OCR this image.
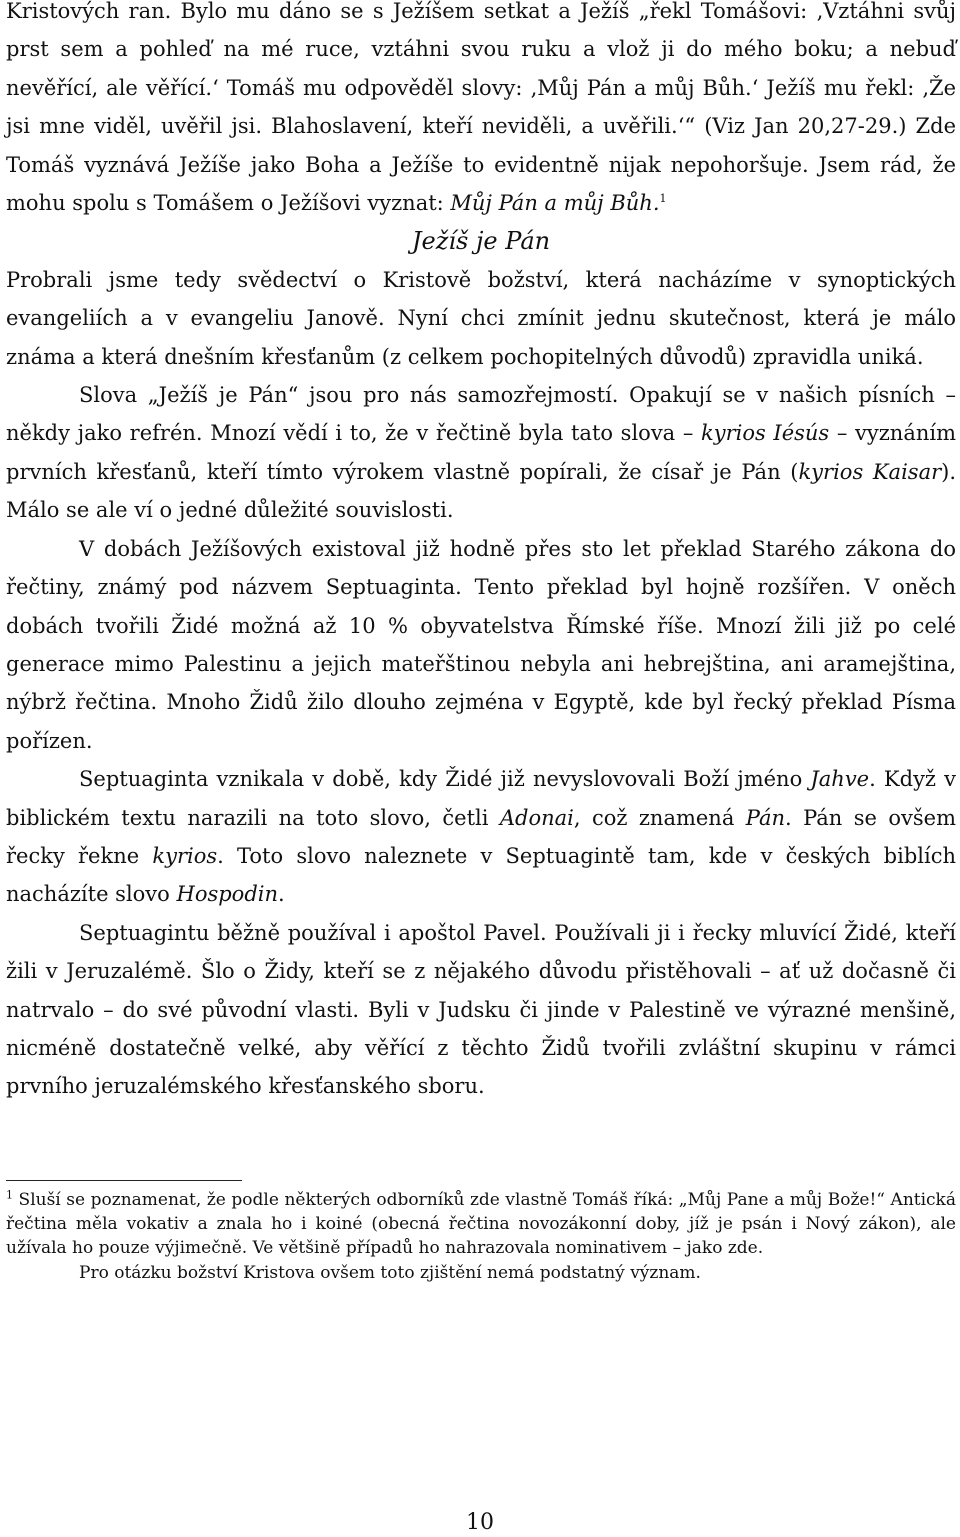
Kristových ran. Bylo mu dáno se s Ježíšem setkat a Ježíš „řekl Tomášovi: ‚Vztáhni svůj prst sem a pohleď na mé ruce, vztáhni svou ruku a vlož ji do mého boku; a nebuď nevěřící, ale věřící.‘ Tomáš mu odpověděl slovy: ‚Můj Pán a můj Bůh.‘ Ježíš mu řekl: ‚Že jsi mne viděl, uvěřil jsi. Blahoslavení, kteří neviděli, a uvěřili.‘“ (Viz Jan 20,27-29.) Zde Tomáš vyznává Ježíše jako Boha a Ježíše to evidentně nijak nepohoršuje. Jsem rád, že mohu spolu s Tomášem o Ježíšovi vyznat: Můj Pán a můj Bůh.$^1$

Ježíš je Pán

Probrali jsme tedy svědectví o Kristově božství, která nacházíme v synoptických evangeliích a v evangeliu Janově. Nyní chci zmínit jednu skutečnost, která je málo známa a která dnešním křesťanům (z celkem pochopitelných důvodů) zpravidla uniká.

Slova „Ježíš je Pán“ jsou pro nás samozřejmostí. Opakují se v našich písních – někdy jako refrén. Mnozí vědí i to, že v řečtině byla tato slova – kyrios Iésús – vyznáním prvních křesťanů, kteří tímto výrokem vlastně popírali, že císař je Pán (kyrios Kaisar). Málo se ale ví o jedné důležité souvislosti.

V dobách Ježíšových existoval již hodně přes sto let překlad Starého zákona do řečtiny, známý pod názvem Septuaginta. Tento překlad byl hojně rozšířen. V oněch dobách tvořili Židé možná až 10 % obyvatelstva Římské říše. Mnozí žili již po celé generace mimo Palestinu a jejich mateřštinou nebyla ani hebrejština, ani aramejština, nýbrž řečtina. Mnoho Židů žilo dlouho zejména v Egyptě, kde byl řecký překlad Písma pořízen.

Septuaginta vznikala v době, kdy Židé již nevyslovovali Boží jméno Jahve. Když v biblickém textu narazili na toto slovo, četli Adonai, což znamená Pán. Pán se ovšem řecky řekne kyrios. Toto slovo naleznete v Septuagintě tam, kde v českých biblích nacházíte slovo Hospodin.

Septuagintu běžně používal i apoštol Pavel. Používali ji i řecky mluvící Židé, kteří žili v Jeruzalémě. Šlo o Židy, kteří se z nějakého důvodu přistěhovali – ať už dočasně či natrvalo – do své původní vlasti. Byli v Judsku či jinde v Palestině ve výrazné menšině, nicméně dostatečně velké, aby věřící z těchto Židů tvořili zvláštní skupinu v rámci prvního jeruzalémského křesťanského sboru.

$^1$ Sluší se poznamenat, že podle některých odborníků zde vlastně Tomáš říká: „Můj Pane a můj Bože!“ Antická řečtina měla vokativ a znala ho i koiné (obecná řečtina novozákonní doby, jíž je psán i Nový zákon), ale užívala ho pouze výjimečně. Ve většině případů ho nahrazovala nominativem – jako zde.

Pro otázku božství Kristova ovšem toto zjištění nemá podstatný význam.

10
